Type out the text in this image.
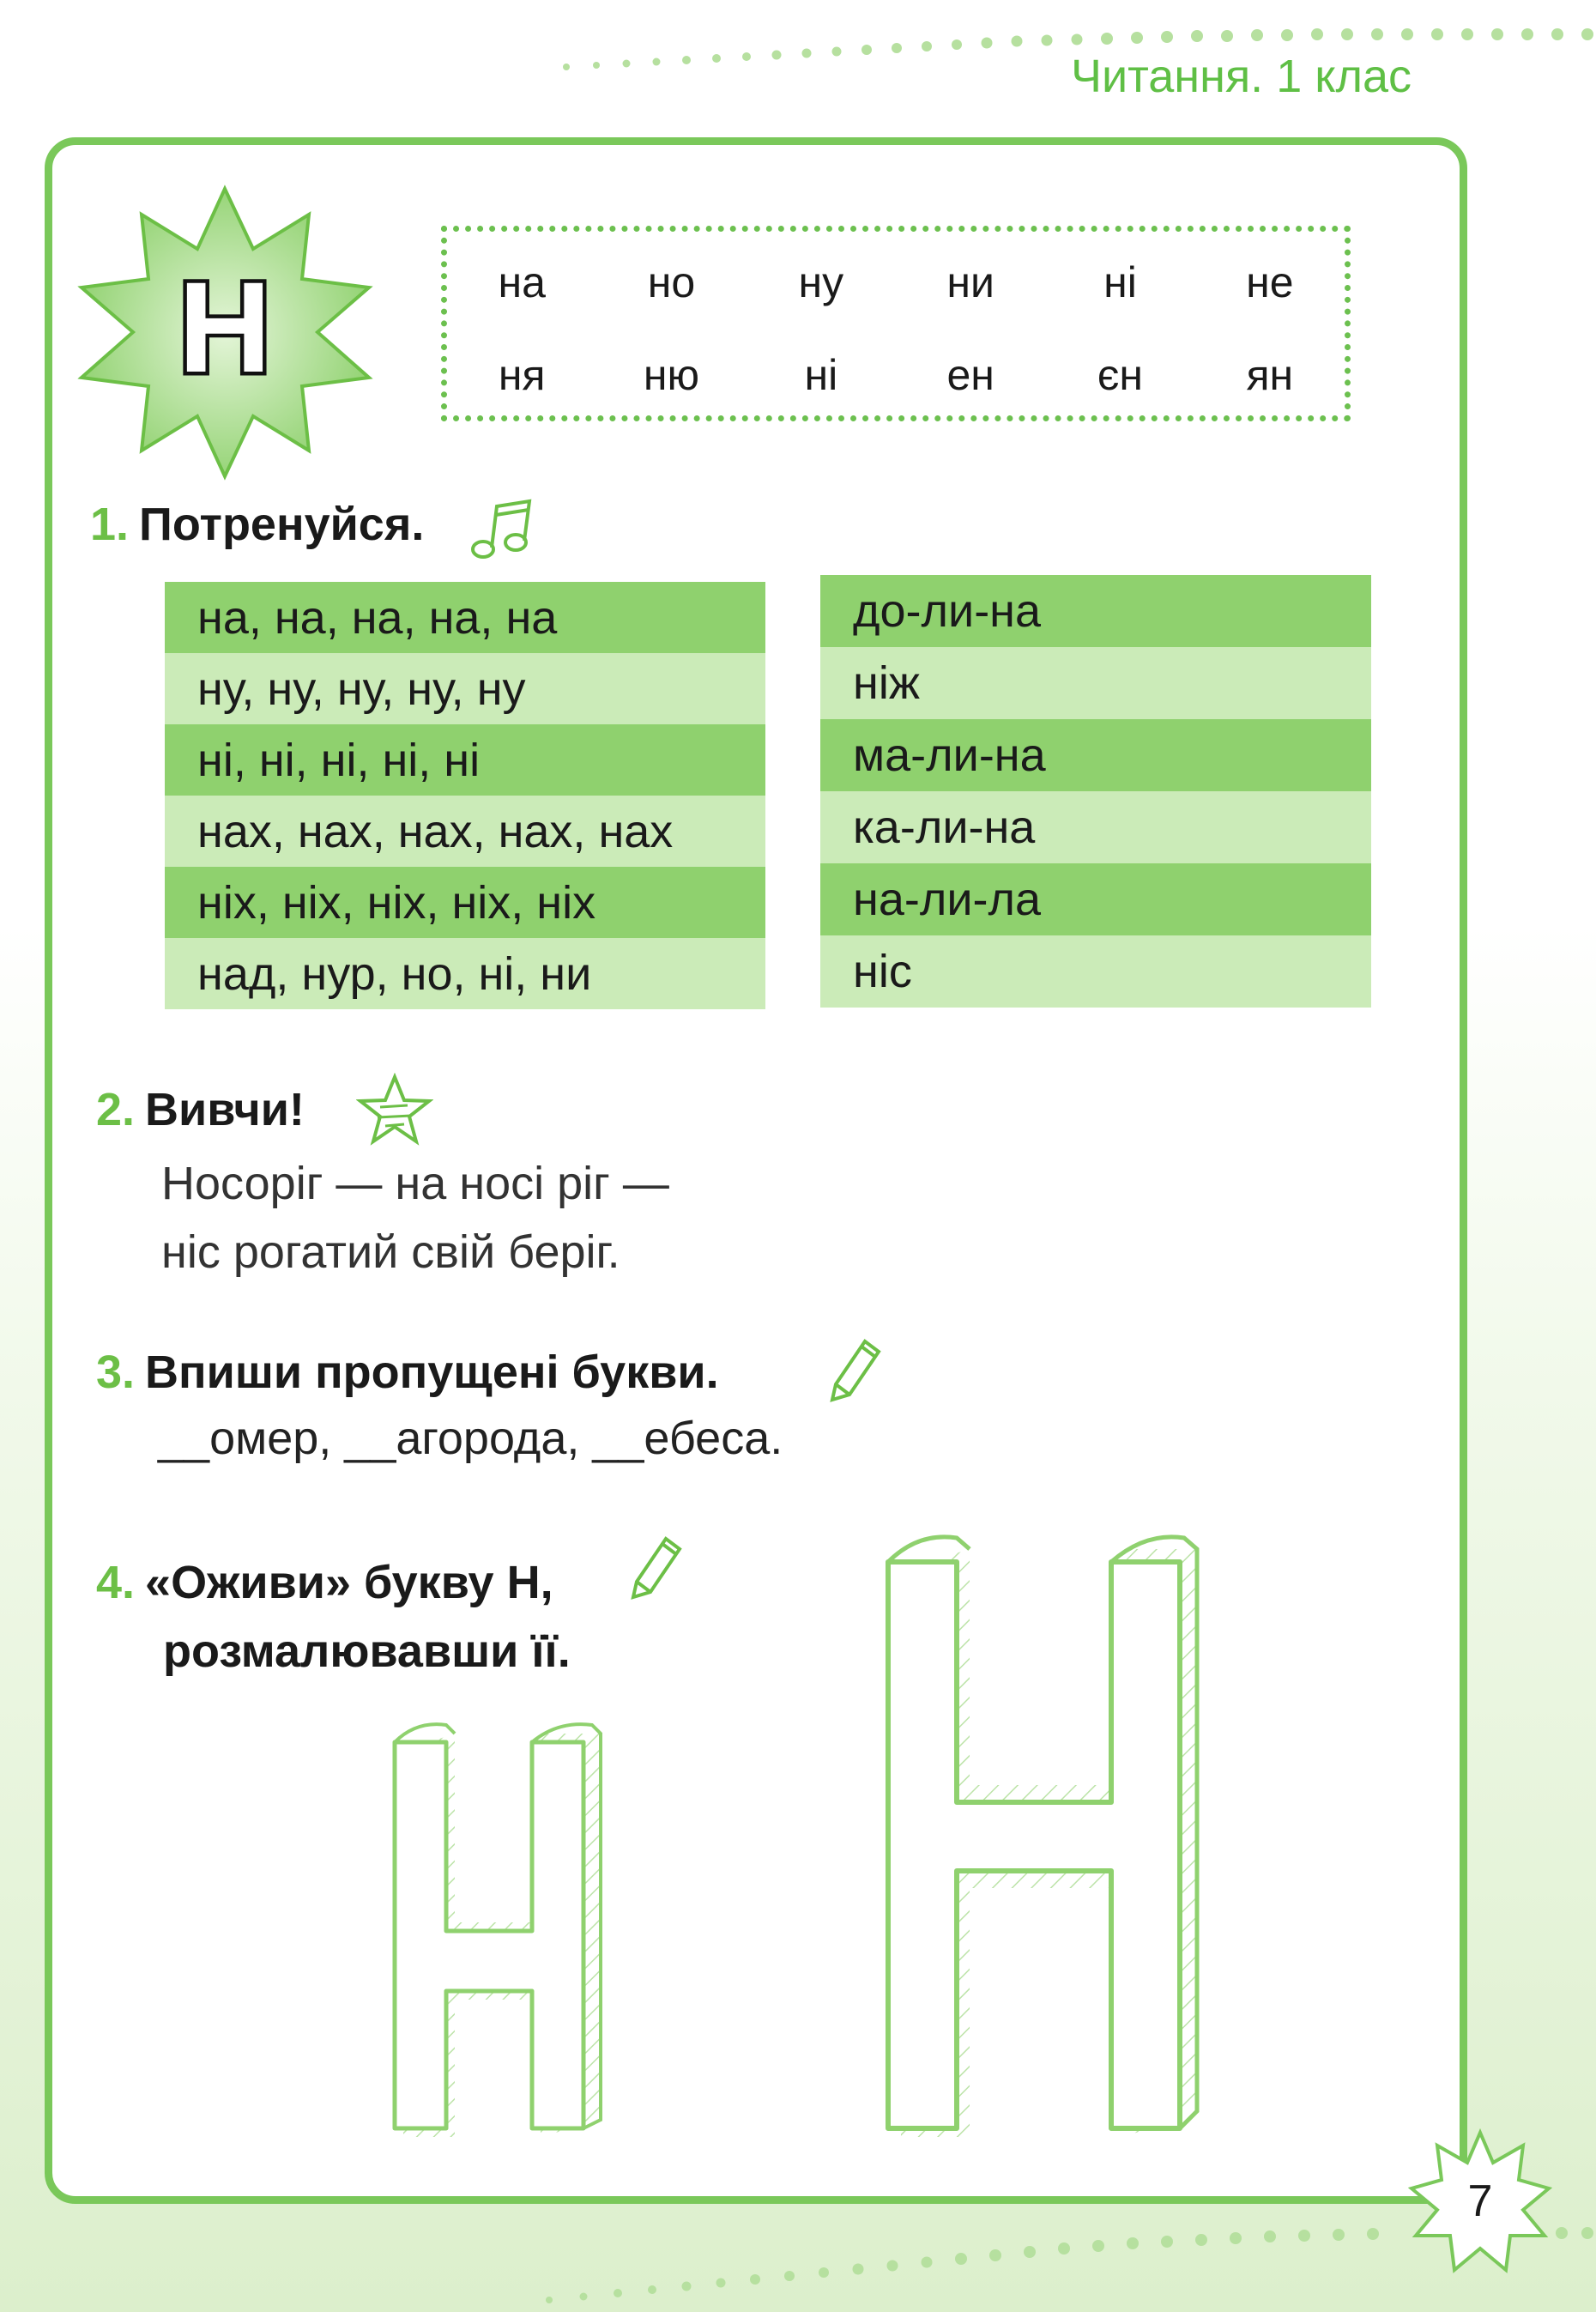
Читання. 1 клас
Н	на	но	ну	ни	ні	не
ня	ню	ні	ен	єн	ян
1. Потренуйся.
на, на, на, на, на
ну, ну, ну, ну, ну
ні, ні, ні, ні, ні
нах, нах, нах, нах, нах
ніх, ніх, ніх, ніх, ніх
над, нур, но, ні, ни
до-ли-на
ніж
ма-ли-на
ка-ли-на
на-ли-ла
ніс
2. Вивчи!
Носоріг — на носі ріг —
ніс рогатий свій беріг.
3. Впиши пропущені букви.
__омер, __агорода, __ебеса.
4. «Оживи» букву Н,
розмалювавши її.
7
